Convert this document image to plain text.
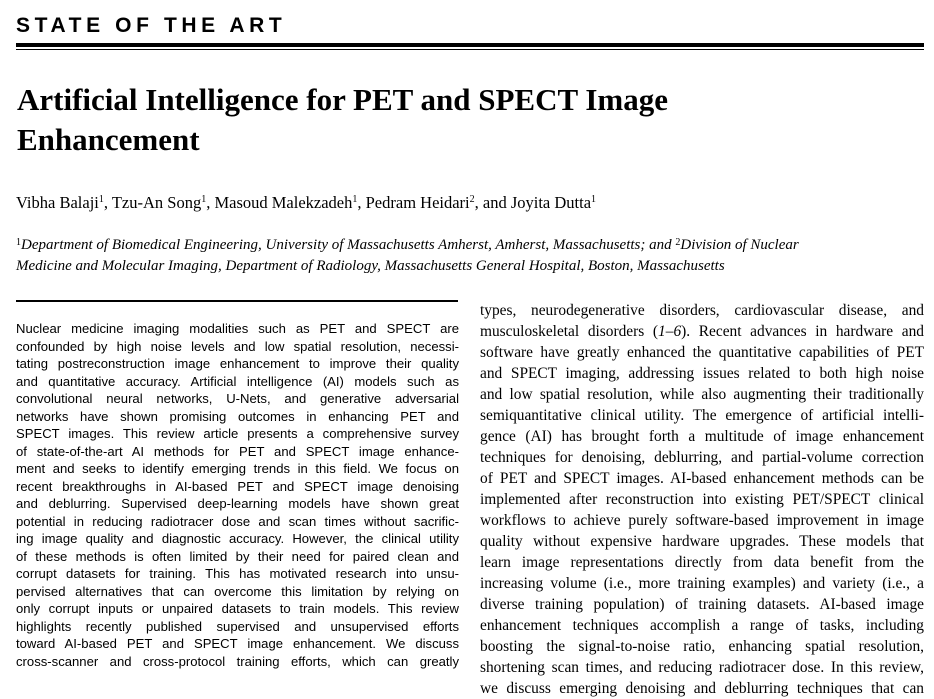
STATE OF THE ART
Artificial Intelligence for PET and SPECT Image
Enhancement
Vibha Balaji$^1$, Tzu-An Song$^1$, Masoud Malekzadeh$^1$, Pedram Heidari$^2$, and Joyita Dutta$^1$
$^1$Department of Biomedical Engineering, University of Massachusetts Amherst, Amherst, Massachusetts; and $^2$Division of Nuclear
Medicine and Molecular Imaging, Department of Radiology, Massachusetts General Hospital, Boston, Massachusetts
Nuclear medicine imaging modalities such as PET and SPECT are
confounded by high noise levels and low spatial resolution, necessi-
tating postreconstruction image enhancement to improve their quality
and quantitative accuracy. Artificial intelligence (AI) models such as
convolutional neural networks, U-Nets, and generative adversarial
networks have shown promising outcomes in enhancing PET and
SPECT images. This review article presents a comprehensive survey
of state-of-the-art AI methods for PET and SPECT image enhance-
ment and seeks to identify emerging trends in this field. We focus on
recent breakthroughs in AI-based PET and SPECT image denoising
and deblurring. Supervised deep-learning models have shown great
potential in reducing radiotracer dose and scan times without sacrific-
ing image quality and diagnostic accuracy. However, the clinical utility
of these methods is often limited by their need for paired clean and
corrupt datasets for training. This has motivated research into unsu-
pervised alternatives that can overcome this limitation by relying on
only corrupt inputs or unpaired datasets to train models. This review
highlights recently published supervised and unsupervised efforts
toward AI-based PET and SPECT image enhancement. We discuss
cross-scanner and cross-protocol training efforts, which can greatly
types, neurodegenerative disorders, cardiovascular disease, and
musculoskeletal disorders (1–6). Recent advances in hardware and
software have greatly enhanced the quantitative capabilities of PET
and SPECT imaging, addressing issues related to both high noise
and low spatial resolution, while also augmenting their traditionally
semiquantitative clinical utility. The emergence of artificial intelli-
gence (AI) has brought forth a multitude of image enhancement
techniques for denoising, deblurring, and partial-volume correction
of PET and SPECT images. AI-based enhancement methods can be
implemented after reconstruction into existing PET/SPECT clinical
workflows to achieve purely software-based improvement in image
quality without expensive hardware upgrades. These models that
learn image representations directly from data benefit from the
increasing volume (i.e., more training examples) and variety (i.e., a
diverse training population) of training datasets. AI-based image
enhancement techniques accomplish a range of tasks, including
boosting the signal-to-noise ratio, enhancing spatial resolution,
shortening scan times, and reducing radiotracer dose. In this review,
we discuss emerging denoising and deblurring techniques that can
